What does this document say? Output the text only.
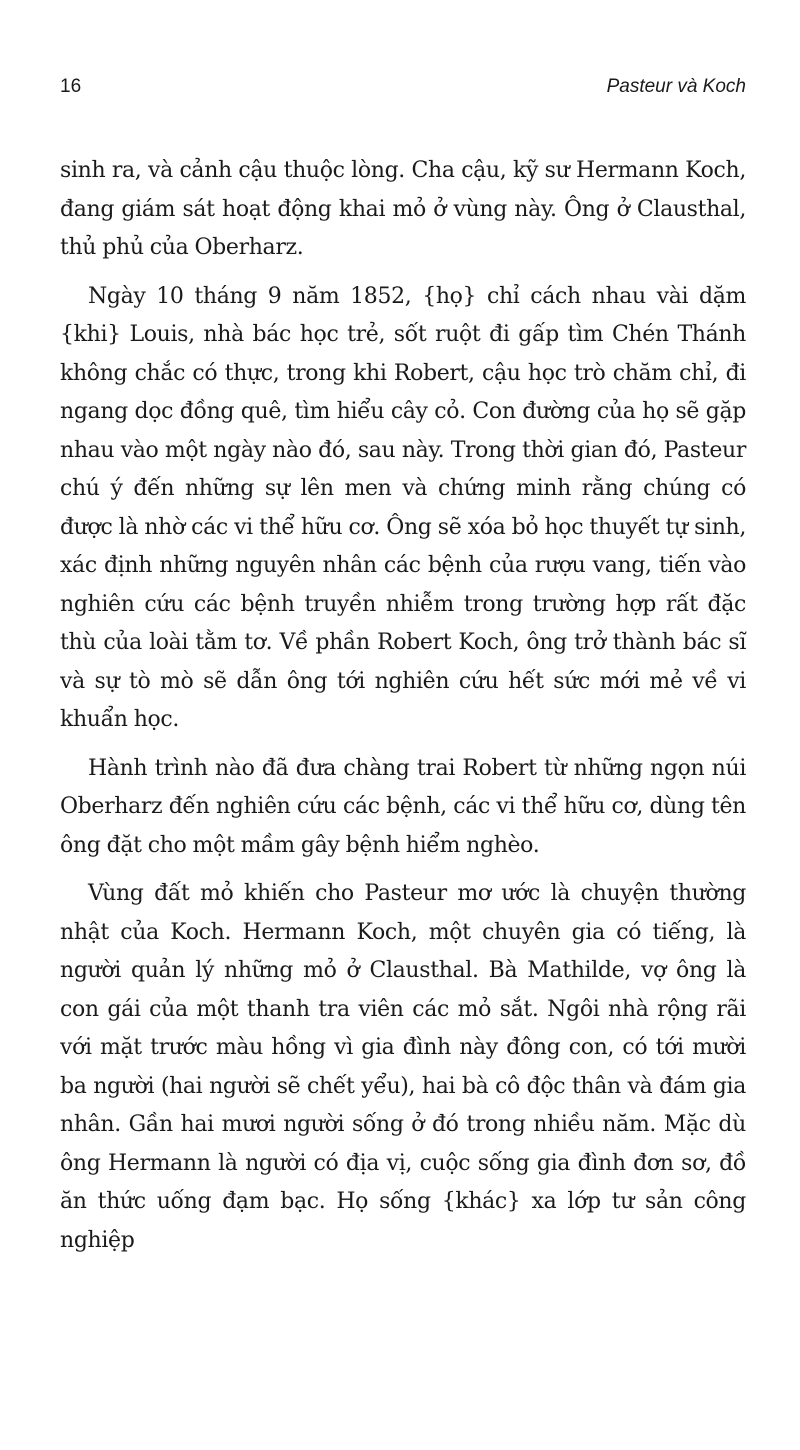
16	Pasteur và Koch

sinh ra, và cảnh cậu thuộc lòng. Cha cậu, kỹ sư Hermann Koch, đang giám sát hoạt động khai mỏ ở vùng này. Ông ở Clausthal, thủ phủ của Oberharz.

Ngày 10 tháng 9 năm 1852, {họ} chỉ cách nhau vài dặm {khi} Louis, nhà bác học trẻ, sốt ruột đi gấp tìm Chén Thánh không chắc có thực, trong khi Robert, cậu học trò chăm chỉ, đi ngang dọc đồng quê, tìm hiểu cây cỏ. Con đường của họ sẽ gặp nhau vào một ngày nào đó, sau này. Trong thời gian đó, Pasteur chú ý đến những sự lên men và chứng minh rằng chúng có được là nhờ các vi thể hữu cơ. Ông sẽ xóa bỏ học thuyết tự sinh, xác định những nguyên nhân các bệnh của rượu vang, tiến vào nghiên cứu các bệnh truyền nhiễm trong trường hợp rất đặc thù của loài tằm tơ. Về phần Robert Koch, ông trở thành bác sĩ và sự tò mò sẽ dẫn ông tới nghiên cứu hết sức mới mẻ về vi khuẩn học.

Hành trình nào đã đưa chàng trai Robert từ những ngọn núi Oberharz đến nghiên cứu các bệnh, các vi thể hữu cơ, dùng tên ông đặt cho một mầm gây bệnh hiểm nghèo.

Vùng đất mỏ khiến cho Pasteur mơ ước là chuyện thường nhật của Koch. Hermann Koch, một chuyên gia có tiếng, là người quản lý những mỏ ở Clausthal. Bà Mathilde, vợ ông là con gái của một thanh tra viên các mỏ sắt. Ngôi nhà rộng rãi với mặt trước màu hồng vì gia đình này đông con, có tới mười ba người (hai người sẽ chết yểu), hai bà cô độc thân và đám gia nhân. Gần hai mươi người sống ở đó trong nhiều năm. Mặc dù ông Hermann là người có địa vị, cuộc sống gia đình đơn sơ, đồ ăn thức uống đạm bạc. Họ sống {khác} xa lớp tư sản công nghiệp
